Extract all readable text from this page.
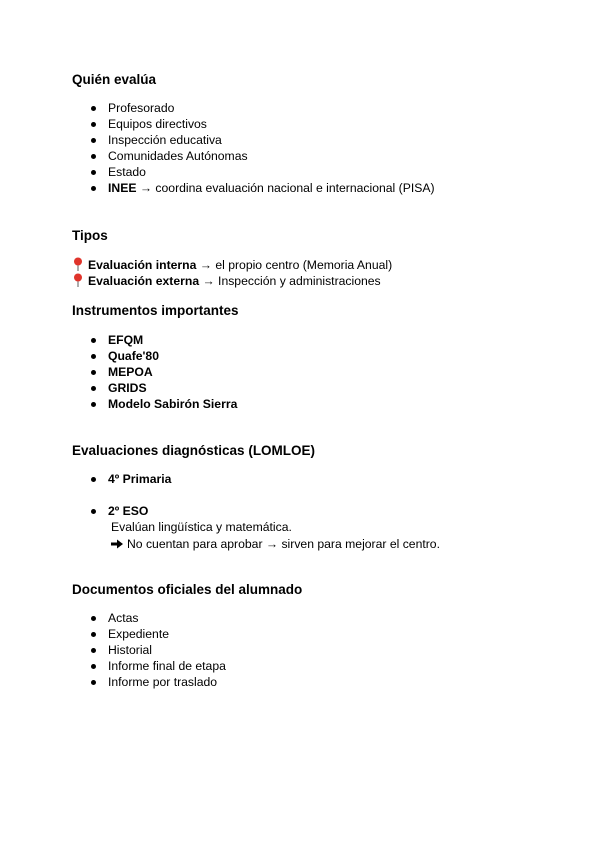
Quién evalúa
Profesorado
Equipos directivos
Inspección educativa
Comunidades Autónomas
Estado
INEE → coordina evaluación nacional e internacional (PISA)
Tipos
Evaluación interna → el propio centro (Memoria Anual)
Evaluación externa → Inspección y administraciones
Instrumentos importantes
EFQM
Quafe'80
MEPOA
GRIDS
Modelo Sabirón Sierra
Evaluaciones diagnósticas (LOMLOE)
4º Primaria
2º ESO
Evalúan lingüística y matemática.
No cuentan para aprobar → sirven para mejorar el centro.
Documentos oficiales del alumnado
Actas
Expediente
Historial
Informe final de etapa
Informe por traslado
